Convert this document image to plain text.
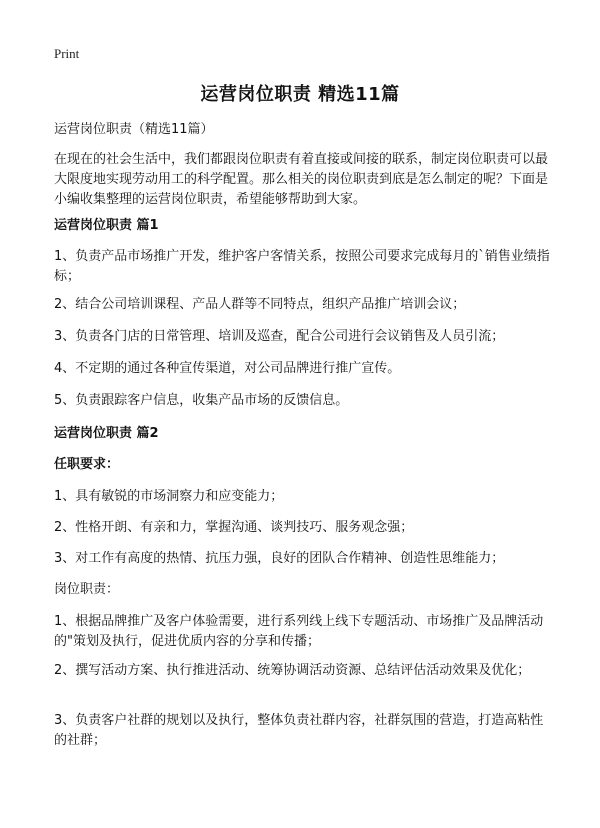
Print
运营岗位职责 精选11篇
运营岗位职责（精选11篇）
在现在的社会生活中，我们都跟岗位职责有着直接或间接的联系，制定岗位职责可以最大限度地实现劳动用工的科学配置。那么相关的岗位职责到底是怎么制定的呢？下面是小编收集整理的运营岗位职责，希望能够帮助到大家。
运营岗位职责 篇1
1、负责产品市场推广开发，维护客户客情关系，按照公司要求完成每月的`销售业绩指标；
2、结合公司培训课程、产品人群等不同特点，组织产品推广培训会议；
3、负责各门店的日常管理、培训及巡查，配合公司进行会议销售及人员引流；
4、不定期的通过各种宣传渠道，对公司品牌进行推广宣传。
5、负责跟踪客户信息，收集产品市场的反馈信息。
运营岗位职责 篇2
任职要求：
1、具有敏锐的市场洞察力和应变能力；
2、性格开朗、有亲和力，掌握沟通、谈判技巧、服务观念强；
3、对工作有高度的热情、抗压力强，良好的团队合作精神、创造性思维能力；
岗位职责：
1、根据品牌推广及客户体验需要，进行系列线上线下专题活动、市场推广及品牌活动的"策划及执行，促进优质内容的分享和传播；
2、撰写活动方案、执行推进活动、统筹协调活动资源、总结评估活动效果及优化；
3、负责客户社群的规划以及执行，整体负责社群内容，社群氛围的营造，打造高粘性的社群；
